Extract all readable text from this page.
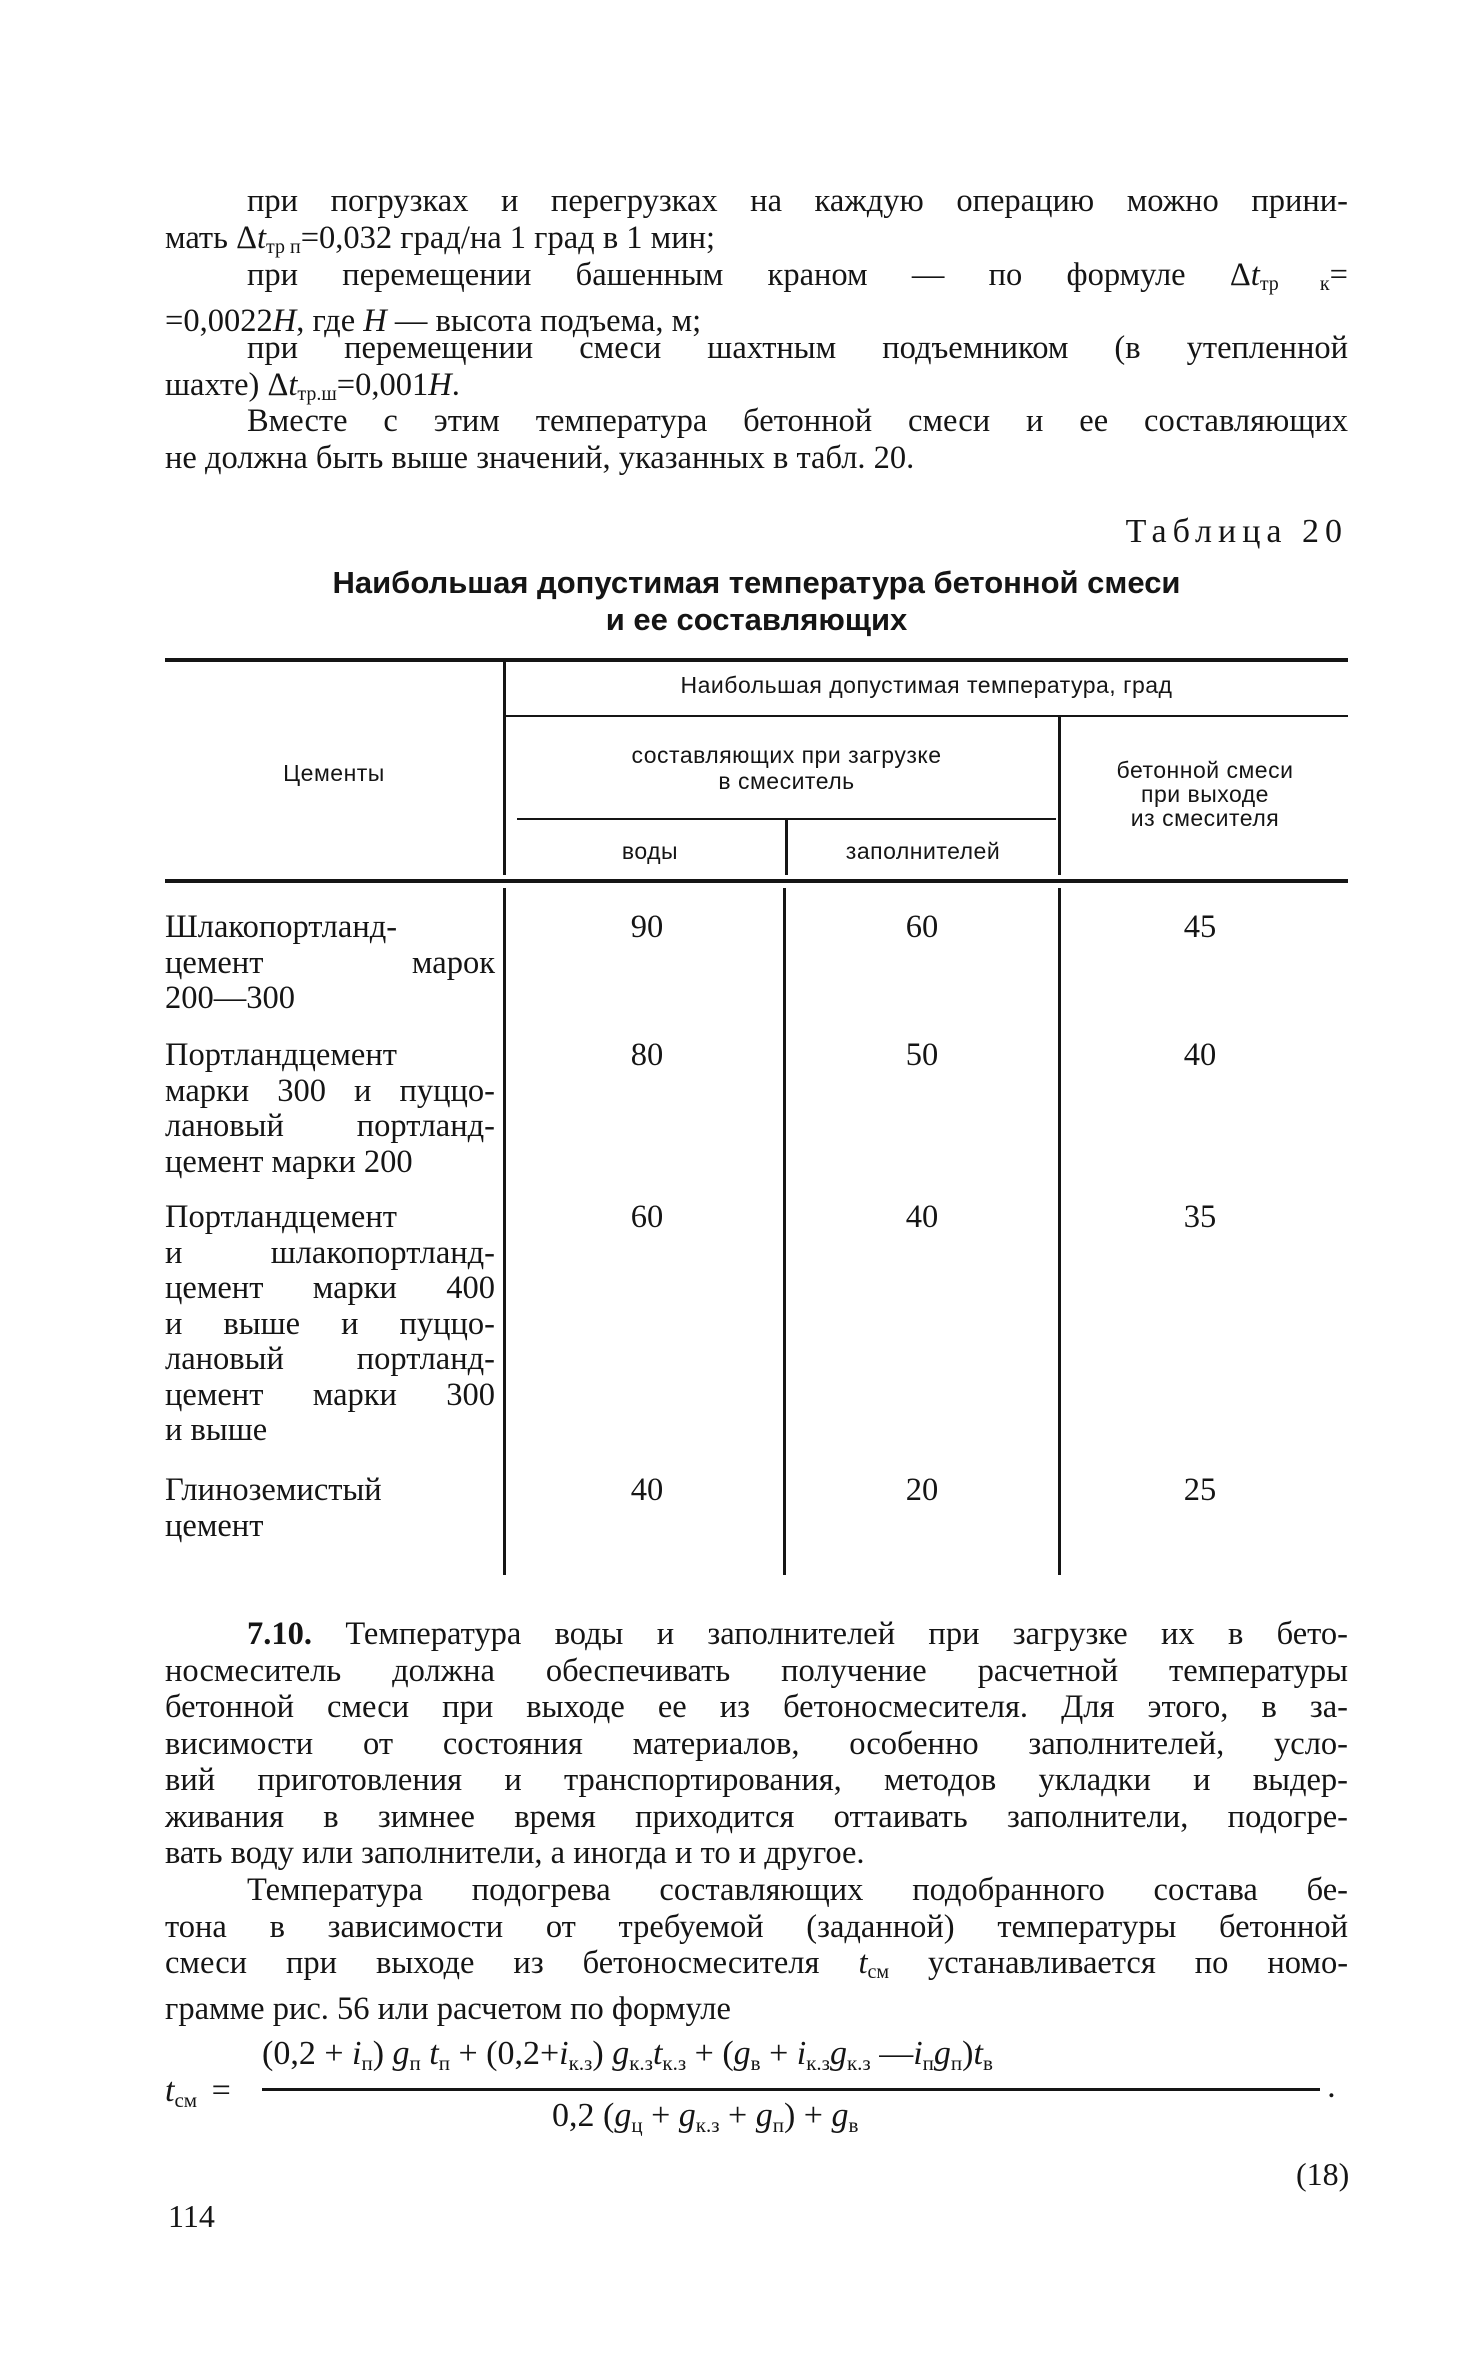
при погрузках и перегрузках на каждую операцию можно прини-
мать $\Delta t_{тр п}=0,032$ град/на 1 град в 1 мин;

при перемещении башенным краном — по формуле $\Delta t_{тр к}=$
=0,0022H, где H — высота подъема, м;

при перемещении смеси шахтным подъемником (в утепленной
шахте) $\Delta t_{тр.ш}=0,001H$.

Вместе с этим температура бетонной смеси и ее составляющих
не должна быть выше значений, указанных в табл. 20.

Таблица 20

Наибольшая допустимая температура бетонной смеси
и ее составляющих
Цементы
Наибольшая допустимая температура, град
составляющих при загрузке
в смеситель
воды	заполнителей
бетонной смеси
при выходе
из смесителя
Шлакопортланд-
цемент марок
200—300
90	60	45
Портландцемент
марки 300 и пуццо-
лановый портланд-
цемент марки 200
80	50	40
Портландцемент
и шлакопортланд-
цемент марки 400
и выше и пуццо-
лановый портланд-
цемент марки 300
и выше
60	40	35
Глиноземистый
цемент
40	20	25

7.10. Температура воды и заполнителей при загрузке их в бето-
носмеситель должна обеспечивать получение расчетной температуры
бетонной смеси при выходе ее из бетоносмесителя. Для этого, в за-
висимости от состояния материалов, особенно заполнителей, усло-
вий приготовления и транспортирования, методов укладки и выдер-
живания в зимнее время приходится оттаивать заполнители, подогре-
вать воду или заполнители, а иногда и то и другое.

Температура подогрева составляющих подобранного состава бе-
тона в зависимости от требуемой (заданной) температуры бетонной
смеси при выходе из бетоносмесителя $t_{см}$ устанавливается по номо-
грамме рис. 56 или расчетом по формуле

tсм =
(0,2 + iп) gп tп + (0,2+iк.з) gк.зtк.з + (gв + iк.зgк.з —iпgп)tв
0,2 (gц + gк.з + gп) + gв
.
(18)
114
